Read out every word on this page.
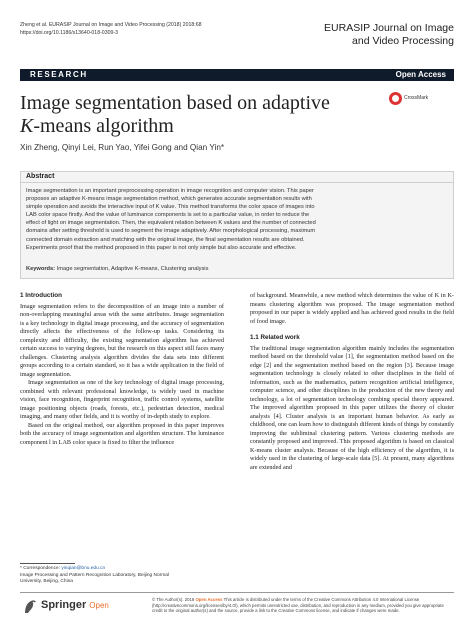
Zheng et al. EURASIP Journal on Image and Video Processing (2018) 2018:68
https://doi.org/10.1186/s13640-018-0309-3	EURASIP Journal on Image
and Video Processing
RESEARCH	Open Access
Image segmentation based on adaptive
K-means algorithm
CrossMark
Xin Zheng, Qinyi Lei, Run Yao, Yifei Gong and Qian Yin*
Abstract
Image segmentation is an important preprocessing operation in image recognition and computer vision. This paper
proposes an adaptive K-means image segmentation method, which generates accurate segmentation results with
simple operation and avoids the interactive input of K value. This method transforms the color space of images into
LAB color space firstly. And the value of luminance components is set to a particular value, in order to reduce the
effect of light on image segmentation. Then, the equivalent relation between K values and the number of connected
domains after setting threshold is used to segment the image adaptively. After morphological processing, maximum
connected domain extraction and matching with the original image, the final segmentation results are obtained.
Experiments proof that the method proposed in this paper is not only simple but also accurate and effective.
Keywords: Image segmentation, Adaptive K-means, Clustering analysis
1 Introduction

Image segmentation refers to the decomposition of an image into a number of non-overlapping meaningful areas with the same attributes. Image segmentation is a key technology in digital image processing, and the accuracy of segmentation directly affects the effectiveness of the follow-up tasks. Considering its complexity and difficulty, the existing segmentation algorithm has achieved certain success to varying degrees, but the research on this aspect still faces many challenges. Clustering analysis algorithm divides the data sets into different groups according to a certain standard, so it has a wide application in the field of image segmentation.

Image segmentation as one of the key technology of digital image processing, combined with relevant professional knowledge, is widely used in machine vision, face recognition, fingerprint recognition, traffic control systems, satellite image positioning objects (roads, forests, etc.), pedestrian detection, medical imaging, and many other fields, and it is worthy of in-depth study to explore.

Based on the original method, our algorithm proposed in this paper improves both the accuracy of image segmentation and algorithm structure. The luminance component l in LAB color space is fixed to filter the influence

of background. Meanwhile, a new method which determines the value of K in K-means clustering algorithm was proposed. The image segmentation method proposed in our paper is widely applied and has achieved good results in the field of food image.

1.1 Related work

The traditional image segmentation algorithm mainly includes the segmentation method based on the threshold value [1], the segmentation method based on the edge [2] and the segmentation method based on the region [3]. Because image segmentation technology is closely related to other disciplines in the field of information, such as the mathematics, pattern recognition artificial intelligence, computer science, and other disciplines in the production of the new theory and technology, a lot of segmentation technology combing special theory appeared. The improved algorithm proposed in this paper utilizes the theory of cluster analysis [4]. Cluster analysis is an important human behavior. As early as childhood, one can learn how to distinguish different kinds of things by constantly improving the subliminal clustering pattern. Various clustering methods are constantly proposed and improved. This proposed algorithm is based on classical K-means cluster analysis. Because of the high efficiency of the algorithm, it is widely used in the clustering of large-scale data [5]. At present, many algorithms are extended and

* Correspondence: yinqian@bnu.edu.cn
Image Processing and Pattern Recognition Laboratory, Beijing Normal
University, Beijing, China
Springer Open
© The Author(s). 2018 Open Access This article is distributed under the terms of the Creative Commons Attribution 4.0 International License (http://creativecommons.org/licenses/by/4.0/), which permits unrestricted use, distribution, and reproduction in any medium, provided you give appropriate credit to the original author(s) and the source, provide a link to the Creative Commons license, and indicate if changes were made.
